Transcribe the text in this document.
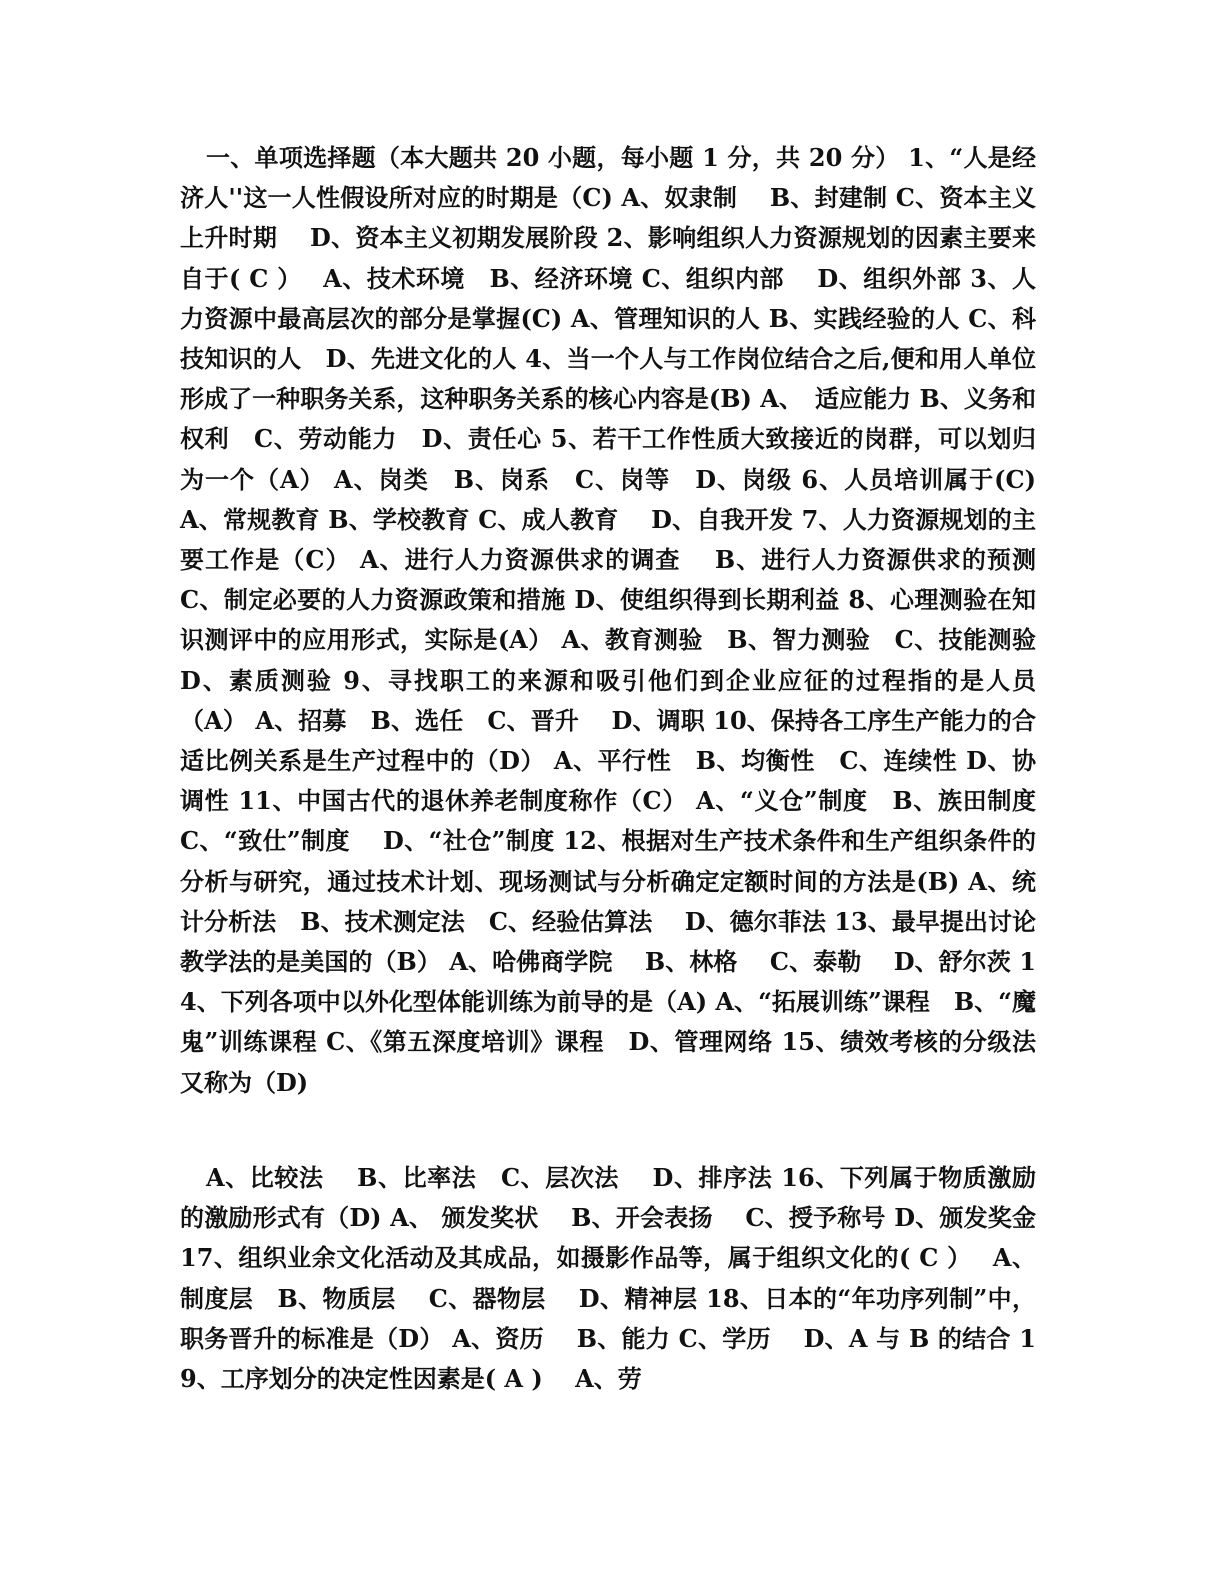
一、单项选择题（本大题共 20 小题，每小题 1 分，共 20 分） 1、“人是经济人''这一人性假设所对应的时期是（C) A、奴隶制　 B、封建制 C、资本主义上升时期　 D、资本主义初期发展阶段 2、影响组织人力资源规划的因素主要来自于( C ）　 A、技术环境　B、经济环境 C、组织内部　 D、组织外部 3、人力资源中最高层次的部分是掌握(C) A、管理知识的人 B、实践经验的人 C、科技知识的人　D、先进文化的人 4、当一个人与工作岗位结合之后,便和用人单位形成了一种职务关系，这种职务关系的核心内容是(B) A、　适应能力 B、义务和权利　C、劳动能力　D、责任心 5、若干工作性质大致接近的岗群，可以划归为一个（A） A、岗类　B、岗系　C、岗等　D、岗级 6、人员培训属于(C) A、常规教育 B、学校教育 C、成人教育　 D、自我开发 7、人力资源规划的主要工作是（C） A、进行人力资源供求的调查　 B、进行人力资源供求的预测 C、制定必要的人力资源政策和措施 D、使组织得到长期利益 8、心理测验在知识测评中的应用形式，实际是(A） A、教育测验　B、智力测验　C、技能测验　D、素质测验 9、寻找职工的来源和吸引他们到企业应征的过程指的是人员（A） A、招募　B、选任　C、晋升　 D、调职 10、保持各工序生产能力的合适比例关系是生产过程中的（D） A、平行性　B、均衡性　C、连续性 D、协调性 11、中国古代的退休养老制度称作（C） A、“义仓”制度　B、族田制度　C、“致仕”制度　 D、“社仓”制度 12、根据对生产技术条件和生产组织条件的分析与研究，通过技术计划、现场测试与分析确定定额时间的方法是(B) A、统计分析法　B、技术测定法　C、经验估算法　 D、德尔菲法 13、最早提出讨论教学法的是美国的（B） A、哈佛商学院　 B、林格　 C、泰勒　 D、舒尔茨 14、下列各项中以外化型体能训练为前导的是（A) A、“拓展训练”课程　B、“魔鬼”训练课程 C、《第五深度培训》课程　D、管理网络 15、绩效考核的分级法又称为（D)
A、比较法　 B、比率法　C、层次法　 D、排序法 16、下列属于物质激励的激励形式有（D) A、 颁发奖状　 B、开会表扬　 C、授予称号 D、颁发奖金 17、组织业余文化活动及其成品，如摄影作品等，属于组织文化的( C ）　 A、制度层　B、物质层　 C、器物层　 D、精神层 18、日本的“年功序列制”中，职务晋升的标准是（D） A、资历　 B、能力 C、学历　 D、A 与 B 的结合 19、工序划分的决定性因素是( A )　 A、劳
